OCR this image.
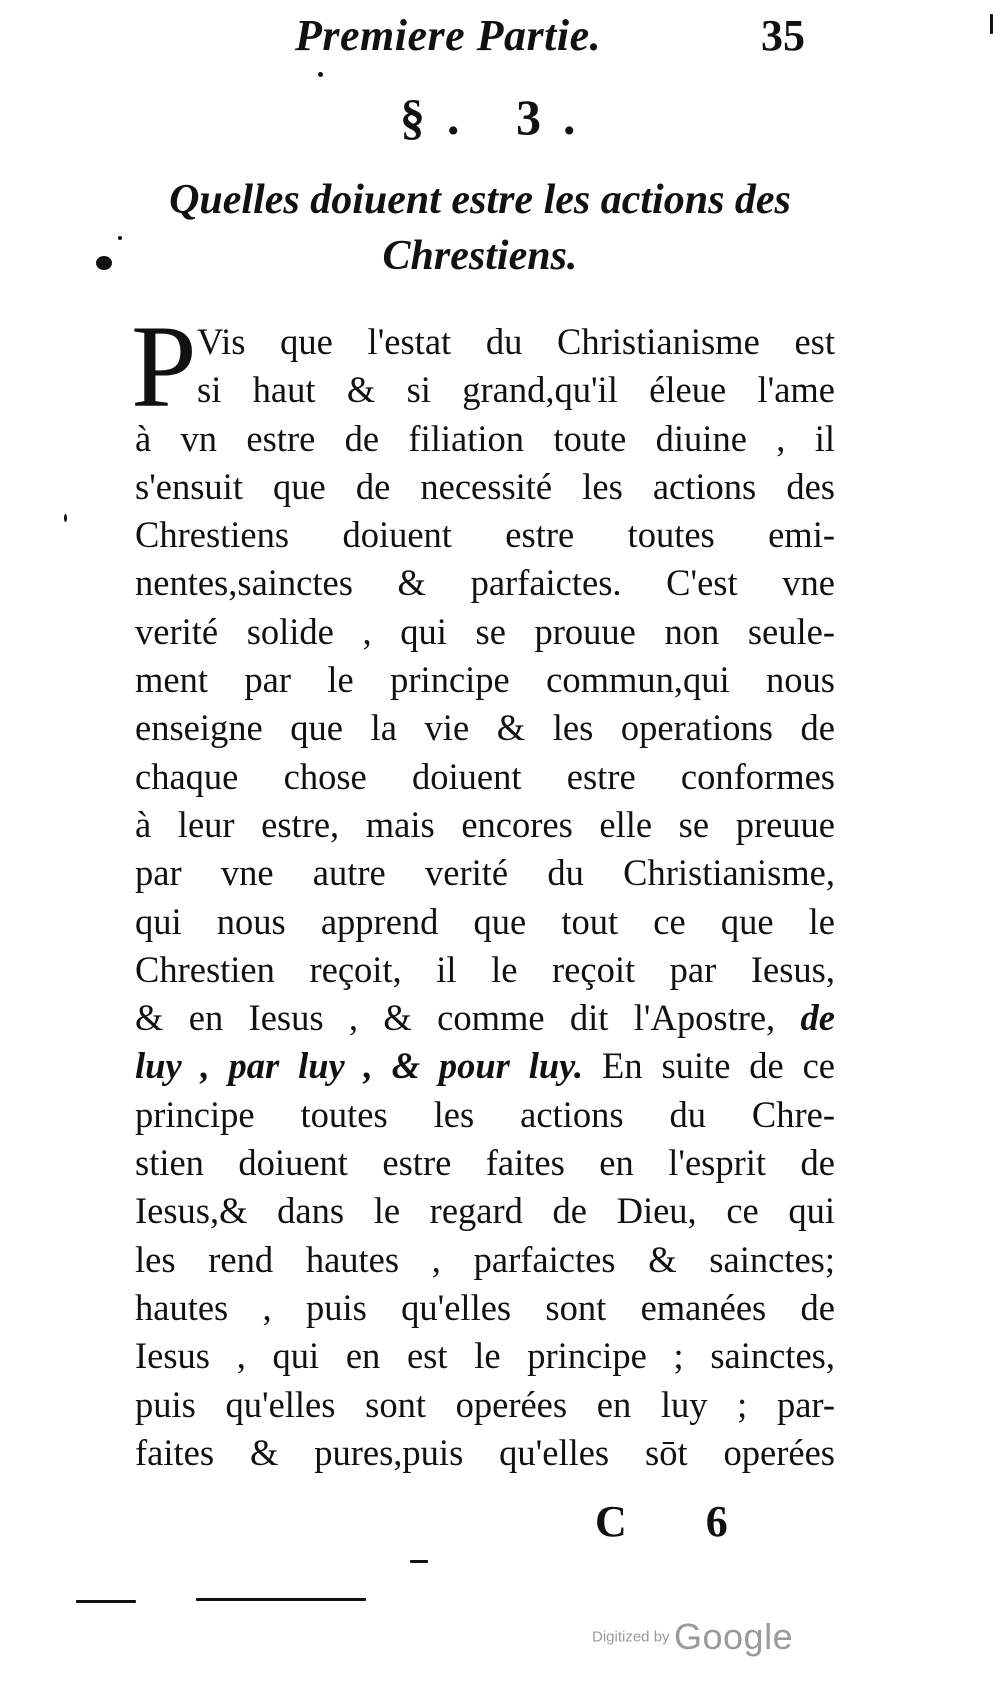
Premiere Partie.	35
§. 3.
Quelles doiuent estre les actions des
Chrestiens.
P Vis que l'estat du Christianisme est
si haut & si grand,qu'il éleue l'ame
à vn estre de filiation toute diuine , il
s'ensuit que de necessité les actions des
Chrestiens doiuent estre toutes emi-
nentes,sainctes & parfaictes. C'est vne
verité solide , qui se prouue non seule-
ment par le principe commun,qui nous
enseigne que la vie & les operations de
chaque chose doiuent estre conformes
à leur estre, mais encores elle se preuue
par vne autre verité du Christianisme,
qui nous apprend que tout ce que le
Chrestien reçoit, il le reçoit par Iesus,
& en Iesus , & comme dit l'Apostre, de
luy , par luy , & pour luy. En suite de ce
principe toutes les actions du Chre-
stien doiuent estre faites en l'esprit de
Iesus,& dans le regard de Dieu, ce qui
les rend hautes , parfaictes & sainctes;
hautes , puis qu'elles sont emanées de
Iesus , qui en est le principe ; sainctes,
puis qu'elles sont operées en luy ; par-
faites & pures,puis qu'elles sōt operées
C 6
Digitized by Google
